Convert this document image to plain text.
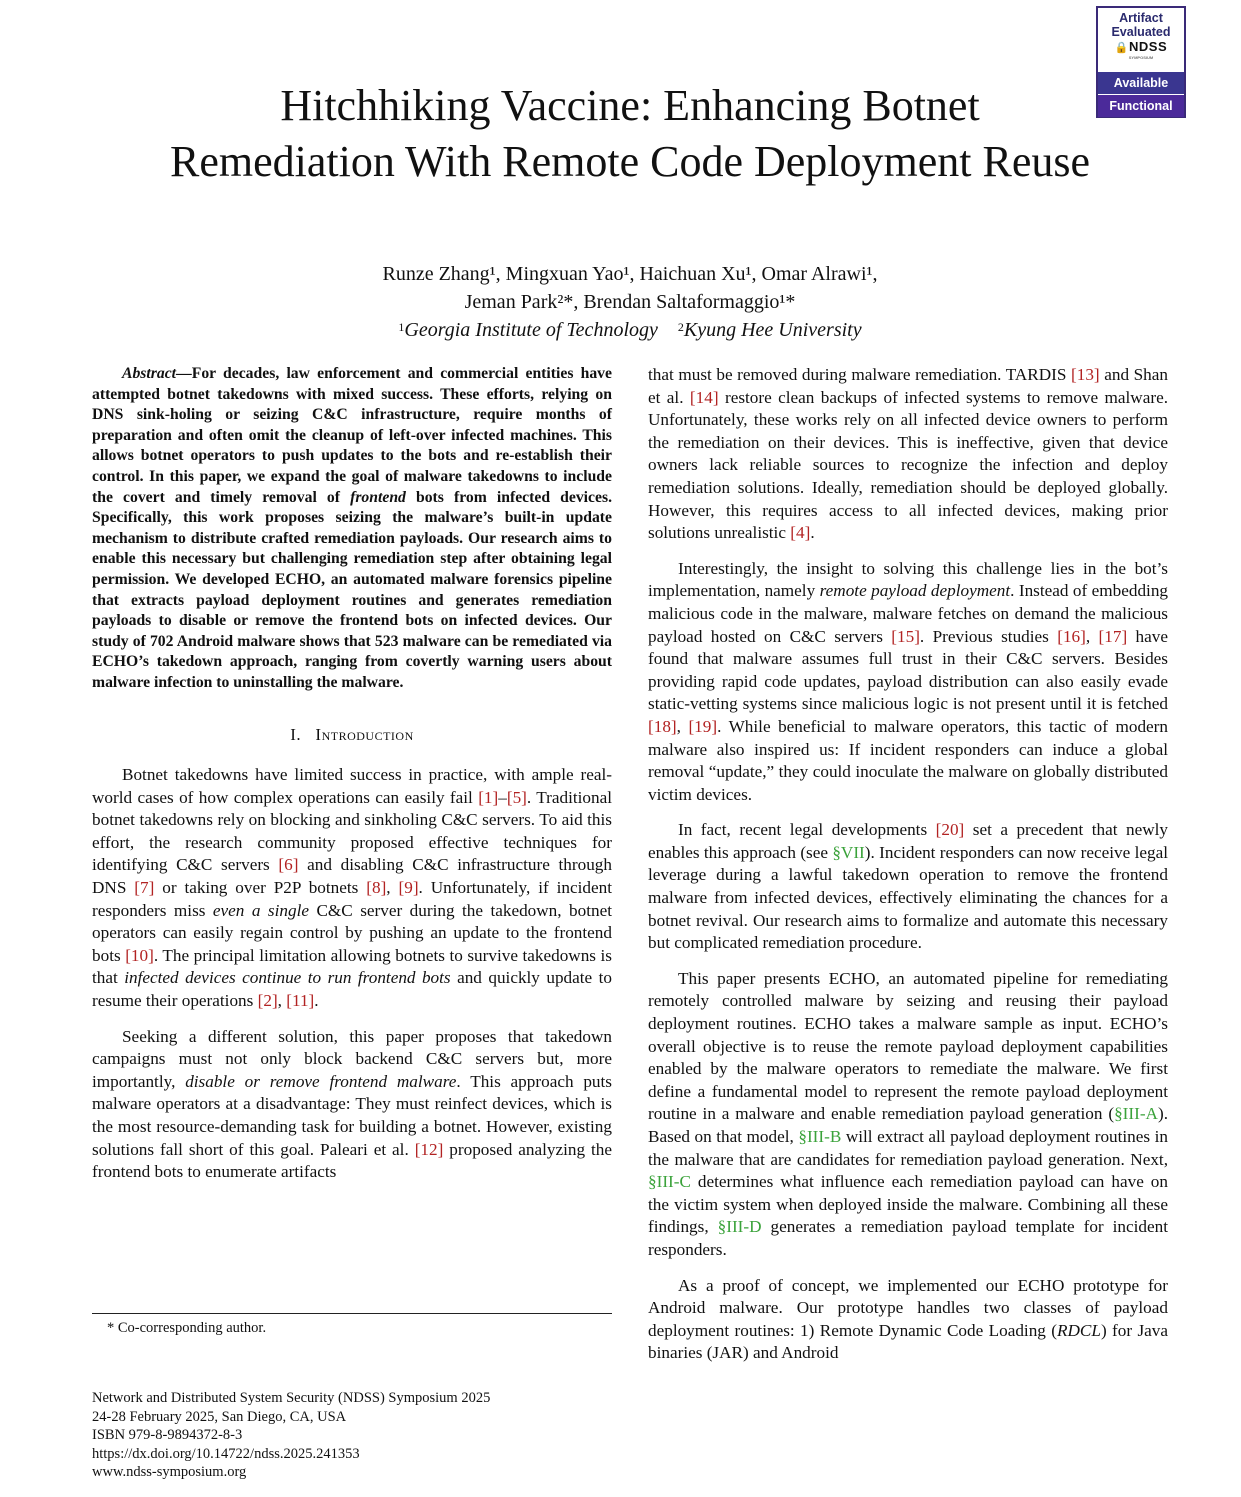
Artifact
Evaluated
🔒NDSS
SYMPOSIUM
Available
Functional
Hitchhiking Vaccine: Enhancing Botnet
Remediation With Remote Code Deployment Reuse
Runze Zhang¹, Mingxuan Yao¹, Haichuan Xu¹, Omar Alrawi¹,
Jeman Park²*, Brendan Saltaformaggio¹*
$^1$Georgia Institute of Technology $^2$Kyung Hee University

Abstract—For decades, law enforcement and commercial entities have attempted botnet takedowns with mixed success. These efforts, relying on DNS sink-holing or seizing C&C infrastructure, require months of preparation and often omit the cleanup of left-over infected machines. This allows botnet operators to push updates to the bots and re-establish their control. In this paper, we expand the goal of malware takedowns to include the covert and timely removal of frontend bots from infected devices. Specifically, this work proposes seizing the malware’s built-in update mechanism to distribute crafted remediation payloads. Our research aims to enable this necessary but challenging remediation step after obtaining legal permission. We developed ECHO, an automated malware forensics pipeline that extracts payload deployment routines and generates remediation payloads to disable or remove the frontend bots on infected devices. Our study of 702 Android malware shows that 523 malware can be remediated via ECHO’s takedown approach, ranging from covertly warning users about malware infection to uninstalling the malware.

I. Introduction

Botnet takedowns have limited success in practice, with ample real-world cases of how complex operations can easily fail [1]–[5]. Traditional botnet takedowns rely on blocking and sinkholing C&C servers. To aid this effort, the research community proposed effective techniques for identifying C&C servers [6] and disabling C&C infrastructure through DNS [7] or taking over P2P botnets [8], [9]. Unfortunately, if incident responders miss even a single C&C server during the takedown, botnet operators can easily regain control by pushing an update to the frontend bots [10]. The principal limitation allowing botnets to survive takedowns is that infected devices continue to run frontend bots and quickly update to resume their operations [2], [11].

Seeking a different solution, this paper proposes that takedown campaigns must not only block backend C&C servers but, more importantly, disable or remove frontend malware. This approach puts malware operators at a disadvantage: They must reinfect devices, which is the most resource-demanding task for building a botnet. However, existing solutions fall short of this goal. Paleari et al. [12] proposed analyzing the frontend bots to enumerate artifacts

that must be removed during malware remediation. TARDIS [13] and Shan et al. [14] restore clean backups of infected systems to remove malware. Unfortunately, these works rely on all infected device owners to perform the remediation on their devices. This is ineffective, given that device owners lack reliable sources to recognize the infection and deploy remediation solutions. Ideally, remediation should be deployed globally. However, this requires access to all infected devices, making prior solutions unrealistic [4].

Interestingly, the insight to solving this challenge lies in the bot’s implementation, namely remote payload deployment. Instead of embedding malicious code in the malware, malware fetches on demand the malicious payload hosted on C&C servers [15]. Previous studies [16], [17] have found that malware assumes full trust in their C&C servers. Besides providing rapid code updates, payload distribution can also easily evade static-vetting systems since malicious logic is not present until it is fetched [18], [19]. While beneficial to malware operators, this tactic of modern malware also inspired us: If incident responders can induce a global removal “update,” they could inoculate the malware on globally distributed victim devices.

In fact, recent legal developments [20] set a precedent that newly enables this approach (see §VII). Incident responders can now receive legal leverage during a lawful takedown operation to remove the frontend malware from infected devices, effectively eliminating the chances for a botnet revival. Our research aims to formalize and automate this necessary but complicated remediation procedure.

This paper presents ECHO, an automated pipeline for remediating remotely controlled malware by seizing and reusing their payload deployment routines. ECHO takes a malware sample as input. ECHO’s overall objective is to reuse the remote payload deployment capabilities enabled by the malware operators to remediate the malware. We first define a fundamental model to represent the remote payload deployment routine in a malware and enable remediation payload generation (§III-A). Based on that model, §III-B will extract all payload deployment routines in the malware that are candidates for remediation payload generation. Next, §III-C determines what influence each remediation payload can have on the victim system when deployed inside the malware. Combining all these findings, §III-D generates a remediation payload template for incident responders.

As a proof of concept, we implemented our ECHO prototype for Android malware. Our prototype handles two classes of payload deployment routines: 1) Remote Dynamic Code Loading (RDCL) for Java binaries (JAR) and Android

* Co-corresponding author.
Network and Distributed System Security (NDSS) Symposium 2025
24-28 February 2025, San Diego, CA, USA
ISBN 979-8-9894372-8-3
https://dx.doi.org/10.14722/ndss.2025.241353
www.ndss-symposium.org
